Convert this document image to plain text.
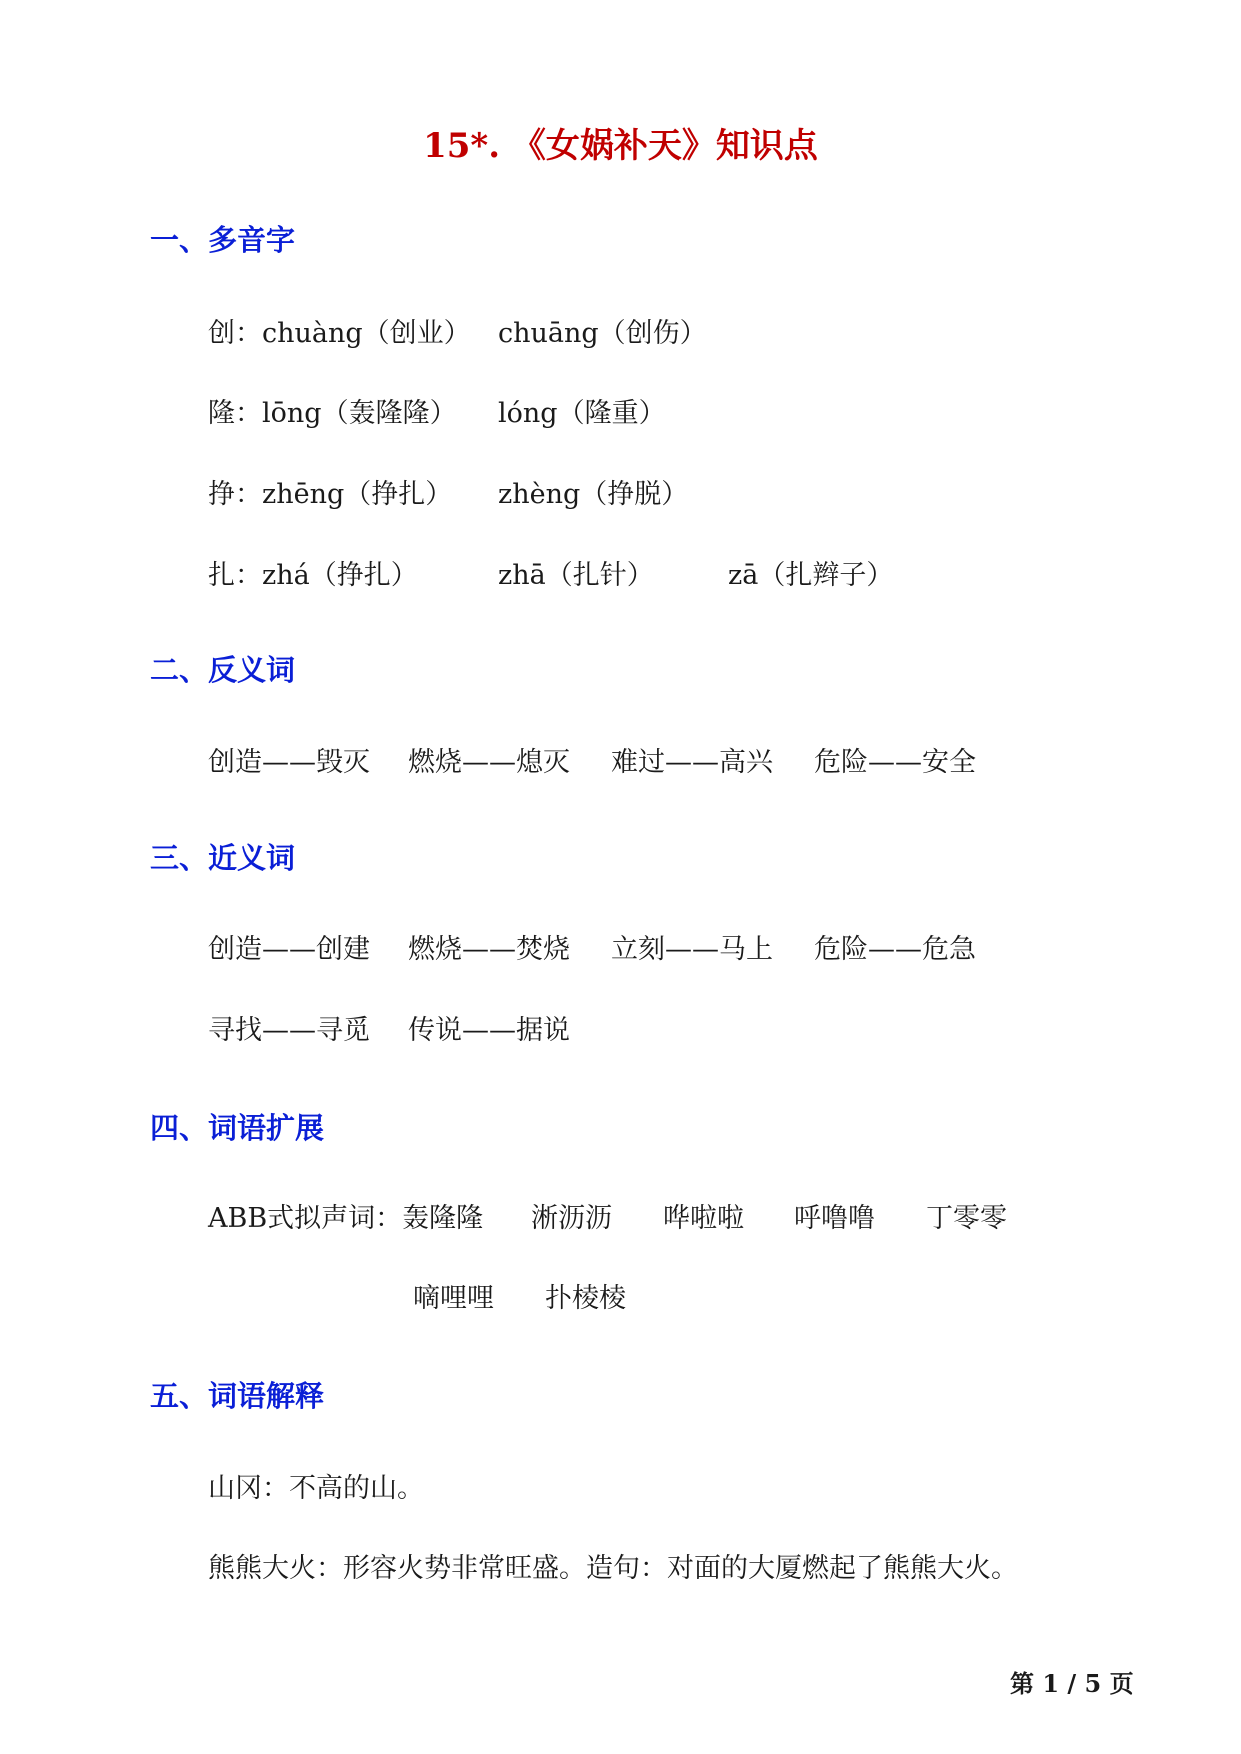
15*. 《女娲补天》知识点
一、多音字
创：chuàng（创业） chuāng（创伤）
隆：lōng（轰隆隆） lóng（隆重）
挣：zhēng（挣扎） zhèng（挣脱）
扎：zhá（挣扎）	zhā（扎针）	zā（扎辫子）
二、反义词
创造——毁灭 燃烧——熄灭 难过——高兴 危险——安全
三、近义词
创造——创建 燃烧——焚烧 立刻——马上 危险——危急
寻找——寻觅 传说——据说
四、词语扩展
ABB式拟声词：轰隆隆 淅沥沥 哗啦啦 呼噜噜 丁零零
嘀哩哩 扑棱棱
五、词语解释
山冈：不高的山。
熊熊大火：形容火势非常旺盛。造句：对面的大厦燃起了熊熊大火。
第 1 / 5 页
